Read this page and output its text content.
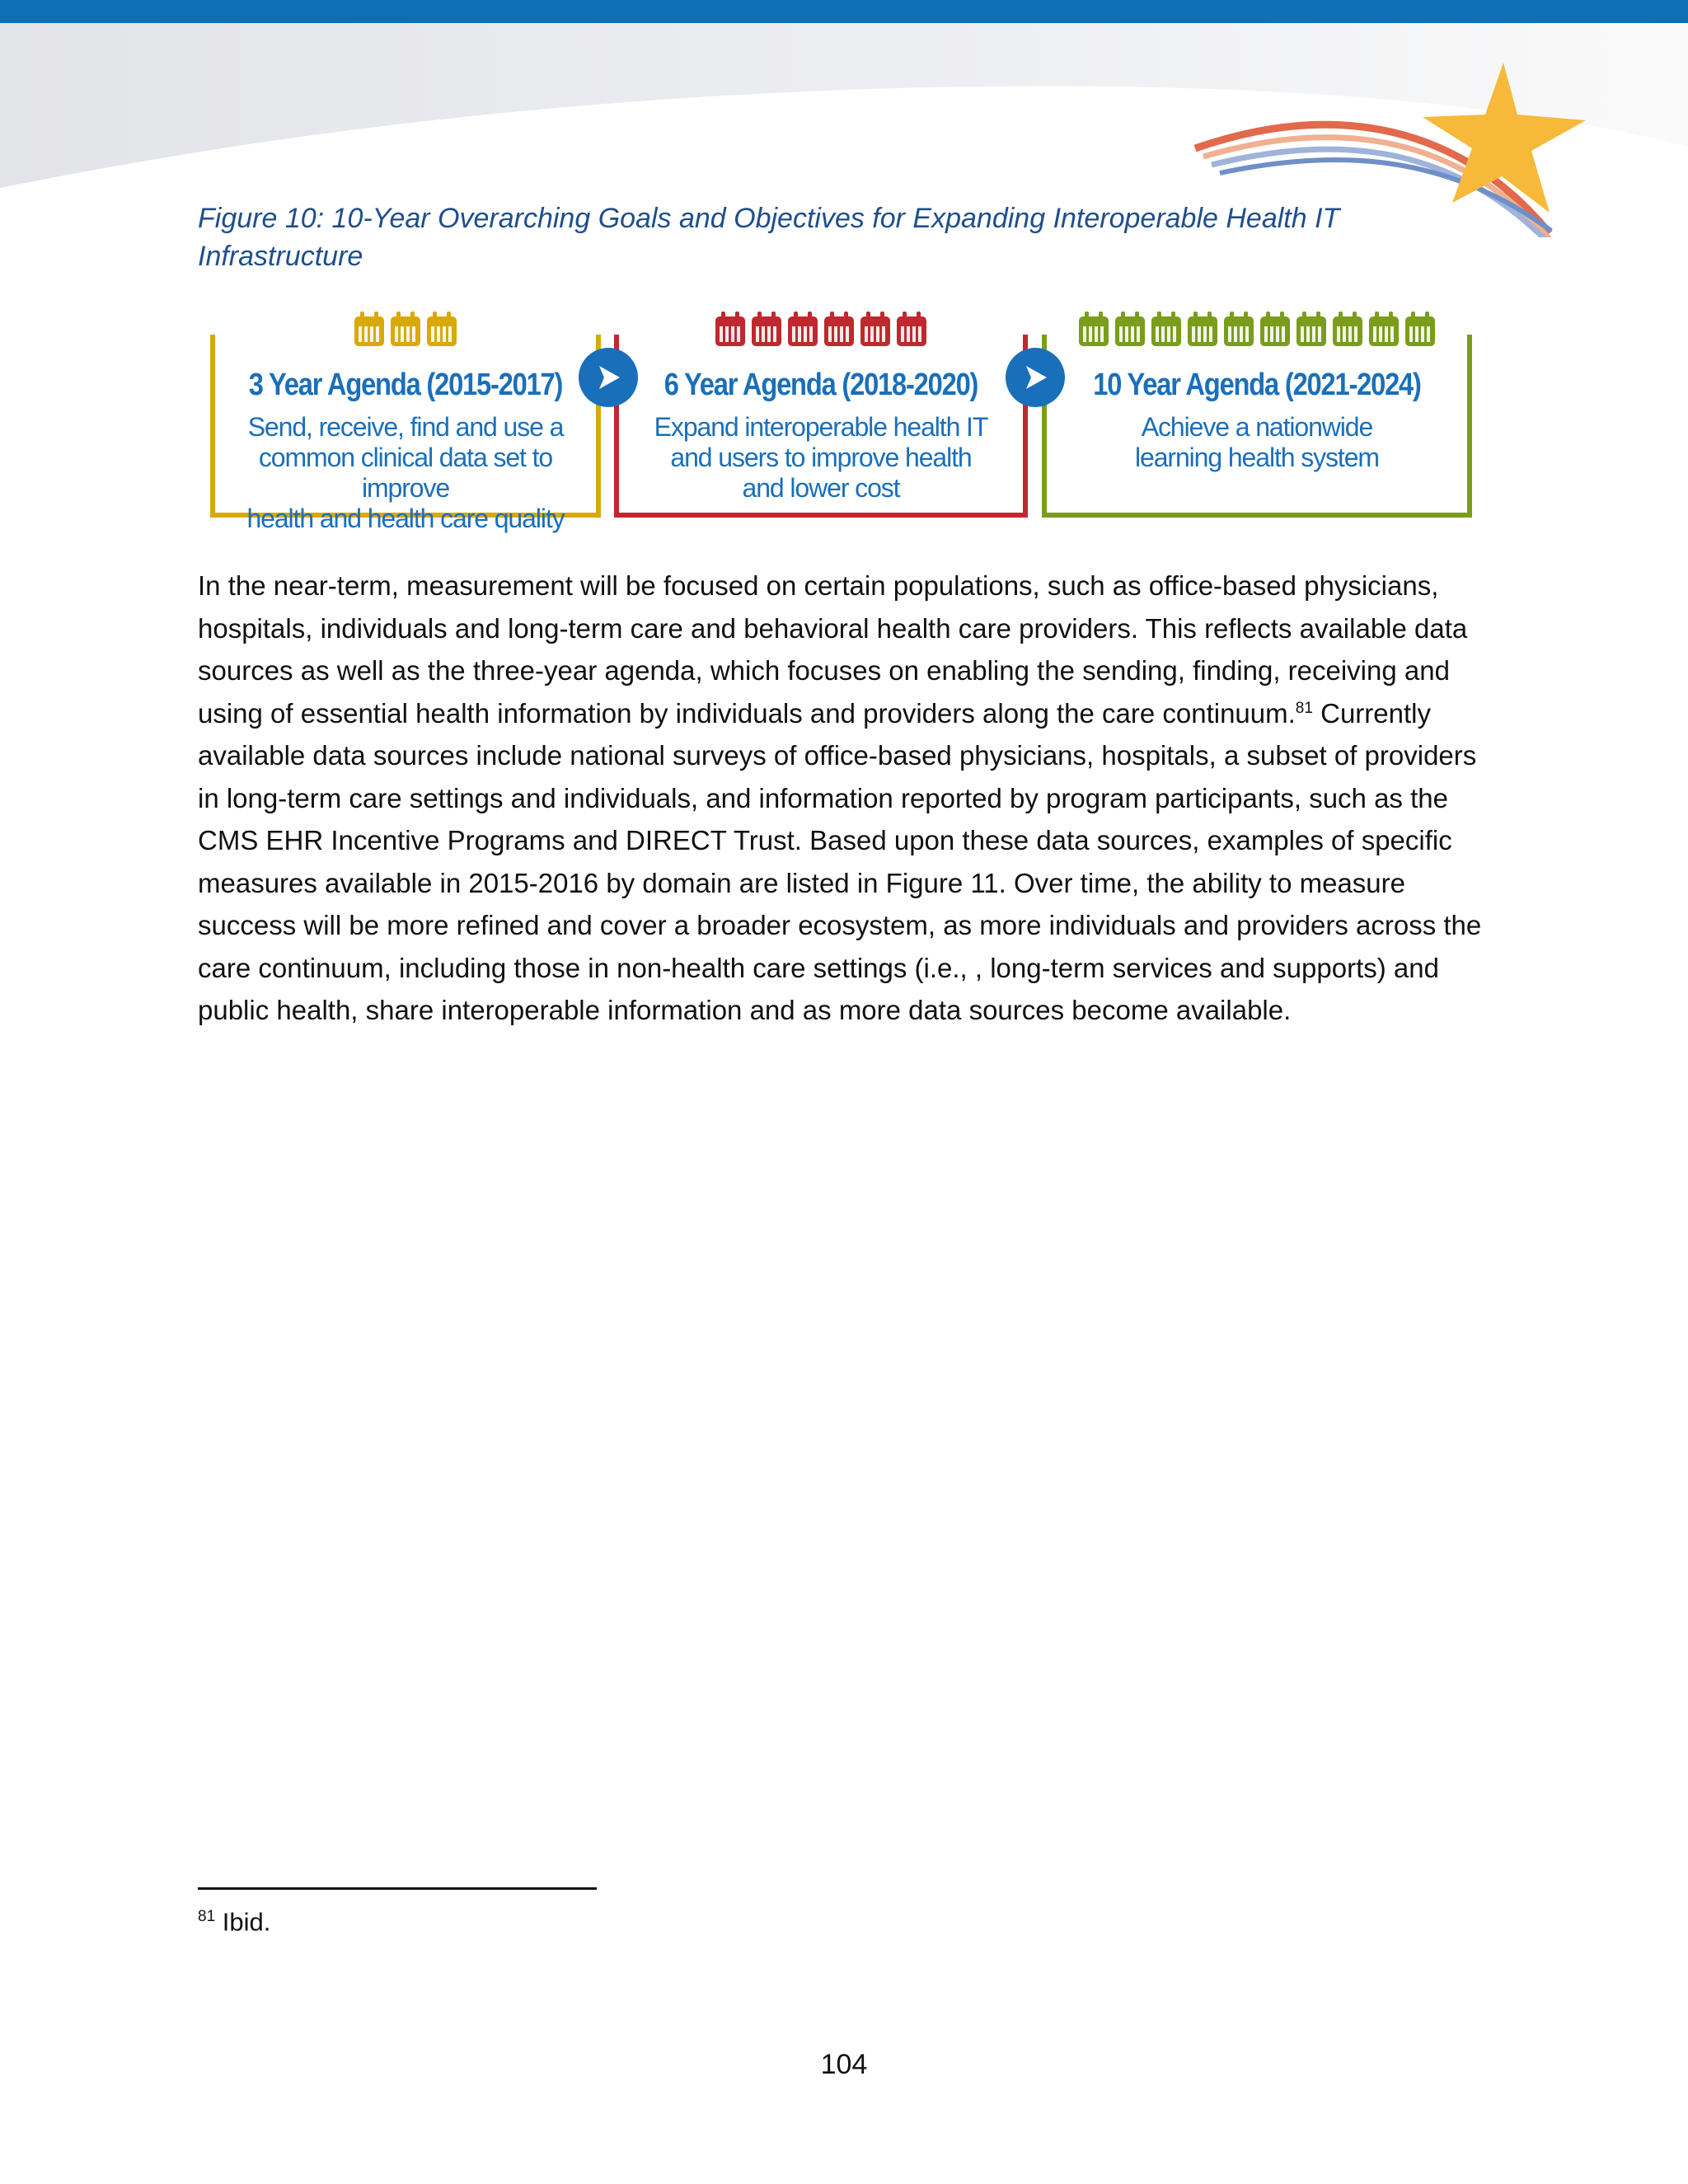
Figure 10: 10-Year Overarching Goals and Objectives for Expanding Interoperable Health IT
Infrastructure
3 Year Agenda (2015-2017)
Send, receive, find and use a
common clinical data set to improve
health and health care quality
6 Year Agenda (2018-2020)
Expand interoperable health IT
and users to improve health
and lower cost
10 Year Agenda (2021-2024)
Achieve a nationwide
learning health system
In the near-term, measurement will be focused on certain populations, such as office-based physicians, hospitals, individuals and long-term care and behavioral health care providers. This reflects available data sources as well as the three-year agenda, which focuses on enabling the sending, finding, receiving and using of essential health information by individuals and providers along the care continuum.$^{81}$ Currently available data sources include national surveys of office-based physicians, hospitals, a subset of providers in long-term care settings and individuals, and information reported by program participants, such as the CMS EHR Incentive Programs and DIRECT Trust. Based upon these data sources, examples of specific measures available in 2015-2016 by domain are listed in Figure 11. Over time, the ability to measure success will be more refined and cover a broader ecosystem, as more individuals and providers across the care continuum, including those in non-health care settings (i.e., , long-term services and supports) and public health, share interoperable information and as more data sources become available.
$^{81}$ Ibid.
104
